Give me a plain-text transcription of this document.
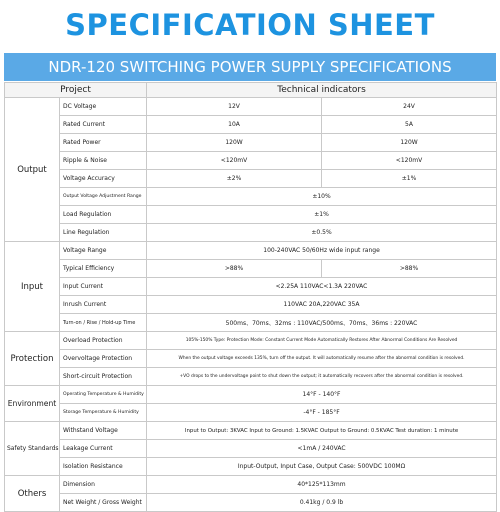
SPECIFICATION SHEET
NDR-120 SWITCHING POWER SUPPLY SPECIFICATIONS
Project		Technical indicators	
Output	DC Voltage	12V	24V
	Rated Current	10A	5A
	Rated Power	120W	120W
	Ripple & Noise	<120mV	<120mV
	Voltage Accuracy	±2%	±1%
	Output Voltage Adjustment Range	±10%	
	Load Regulation	±1%	
	Line Regulation	±0.5%	
Input	Voltage Range	100-240VAC 50/60Hz wide input range	
	Typical Efficiency	>88%	>88%
	Input Current	<2.25A 110VAC<1.3A 220VAC	
	Inrush Current	110VAC 20A,220VAC 35A	
	Turn-on / Rise / Hold-up Time	500ms、70ms、32ms : 110VAC/500ms、70ms、36ms : 220VAC	
Protection	Overload Protection	105%-150% Type: Protection Mode: Constant Current Mode Automatically Restores After Abnormal Conditions Are Resolved	
	Overvoltage Protection	When the output voltage exceeds 135%, turn off the output. It will automatically resume after the abnormal condition is resolved.	
	Short-circuit Protection	+VO drops to the undervoltage point to shut down the output; it automatically recovers after the abnormal condition is resolved.	
Environment	Operating Temperature & Humidity	14°F - 140°F	
	Storage Temperature & Humidity	-4°F - 185°F	
Safety Standards	Withstand Voltage	Input to Output: 3KVAC Input to Ground: 1.5KVAC Output to Ground: 0.5KVAC Test duration: 1 minute	
	Leakage Current	<1mA / 240VAC	
	Isolation Resistance	Input-Output, Input Case, Output Case: 500VDC 100MΩ	
Others	Dimension	40*125*113mm	
	Net Weight / Gross Weight	0.41kg / 0.9 lb	
